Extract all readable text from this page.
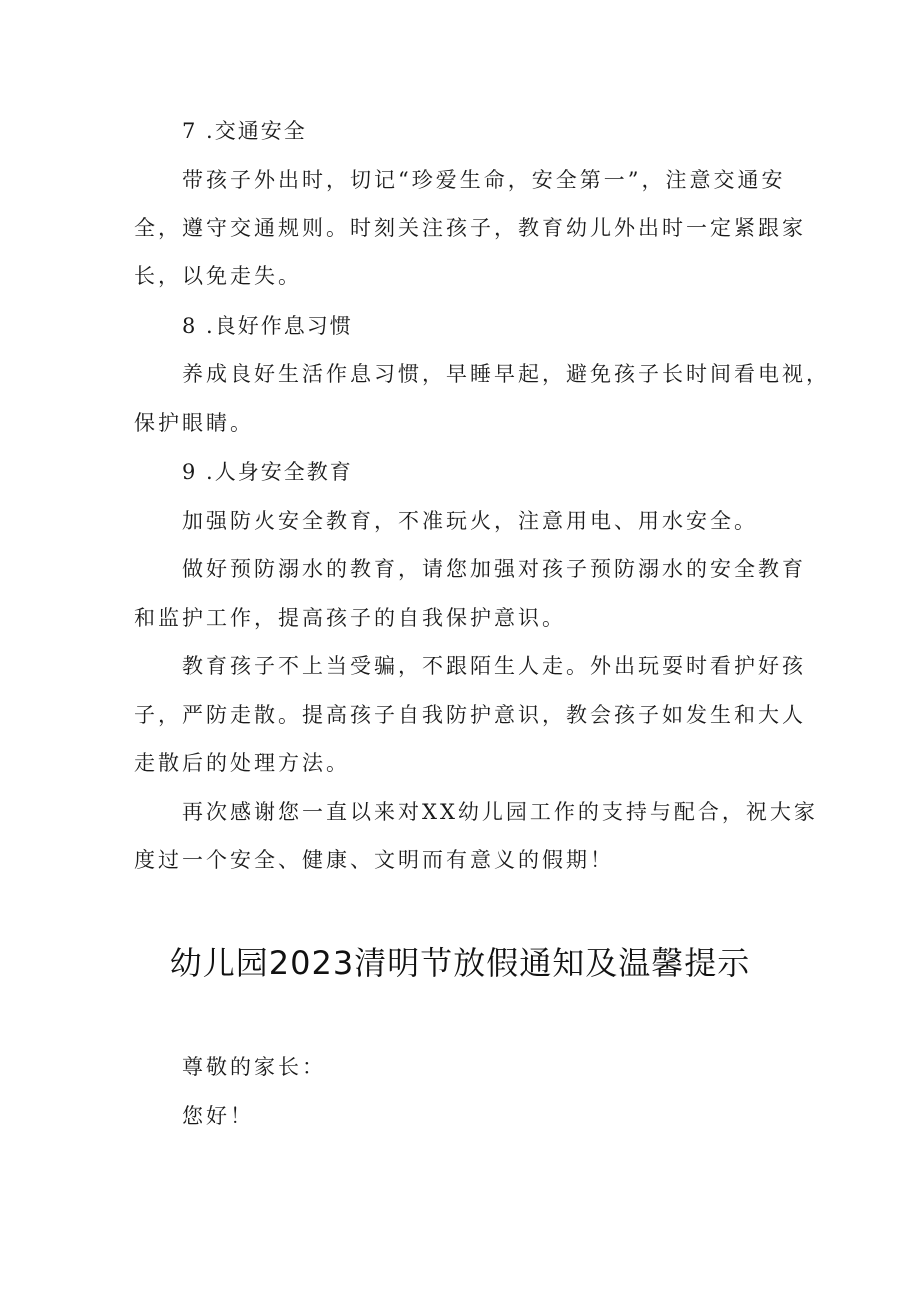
7 .交通安全
带孩子外出时，切记“珍爱生命，安全第一”，注意交通安
全，遵守交通规则。时刻关注孩子，教育幼儿外出时一定紧跟家
长，以免走失。
8 .良好作息习惯
养成良好生活作息习惯，早睡早起，避免孩子长时间看电视，
保护眼睛。
9 .人身安全教育
加强防火安全教育，不准玩火，注意用电、用水安全。
做好预防溺水的教育，请您加强对孩子预防溺水的安全教育
和监护工作，提高孩子的自我保护意识。
教育孩子不上当受骗，不跟陌生人走。外出玩耍时看护好孩
子，严防走散。提高孩子自我防护意识，教会孩子如发生和大人
走散后的处理方法。
再次感谢您一直以来对XX幼儿园工作的支持与配合，祝大家
度过一个安全、健康、文明而有意义的假期！
幼儿园2023清明节放假通知及温馨提示
尊敬的家长：
您好！
